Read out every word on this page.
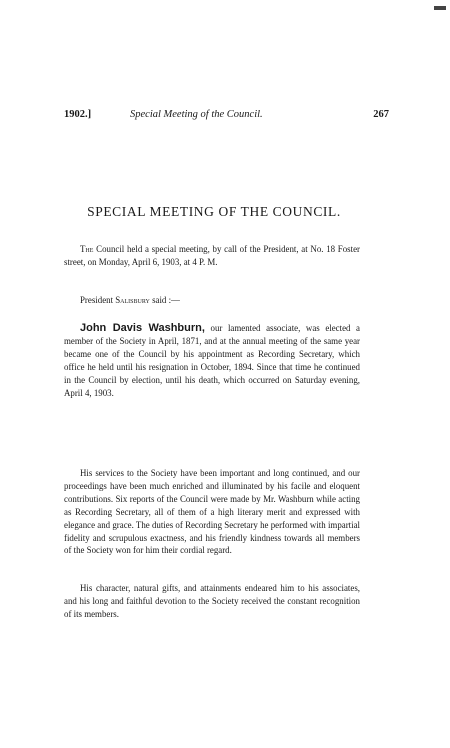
1902.]	Special Meeting of the Council.	267
SPECIAL MEETING OF THE COUNCIL.
The Council held a special meeting, by call of the President, at No. 18 Foster street, on Monday, April 6, 1903, at 4 P. M.
President Salisbury said :—
John Davis Washburn, our lamented associate, was elected a member of the Society in April, 1871, and at the annual meeting of the same year became one of the Council by his appointment as Recording Secretary, which office he held until his resignation in October, 1894. Since that time he continued in the Council by election, until his death, which occurred on Saturday evening, April 4, 1903.
His services to the Society have been important and long continued, and our proceedings have been much enriched and illuminated by his facile and eloquent contributions. Six reports of the Council were made by Mr. Washburn while acting as Recording Secretary, all of them of a high literary merit and expressed with elegance and grace. The duties of Recording Secretary he performed with impartial fidelity and scrupulous exactness, and his friendly kindness towards all members of the Society won for him their cordial regard.
His character, natural gifts, and attainments endeared him to his associates, and his long and faithful devotion to the Society received the constant recognition of its members.
